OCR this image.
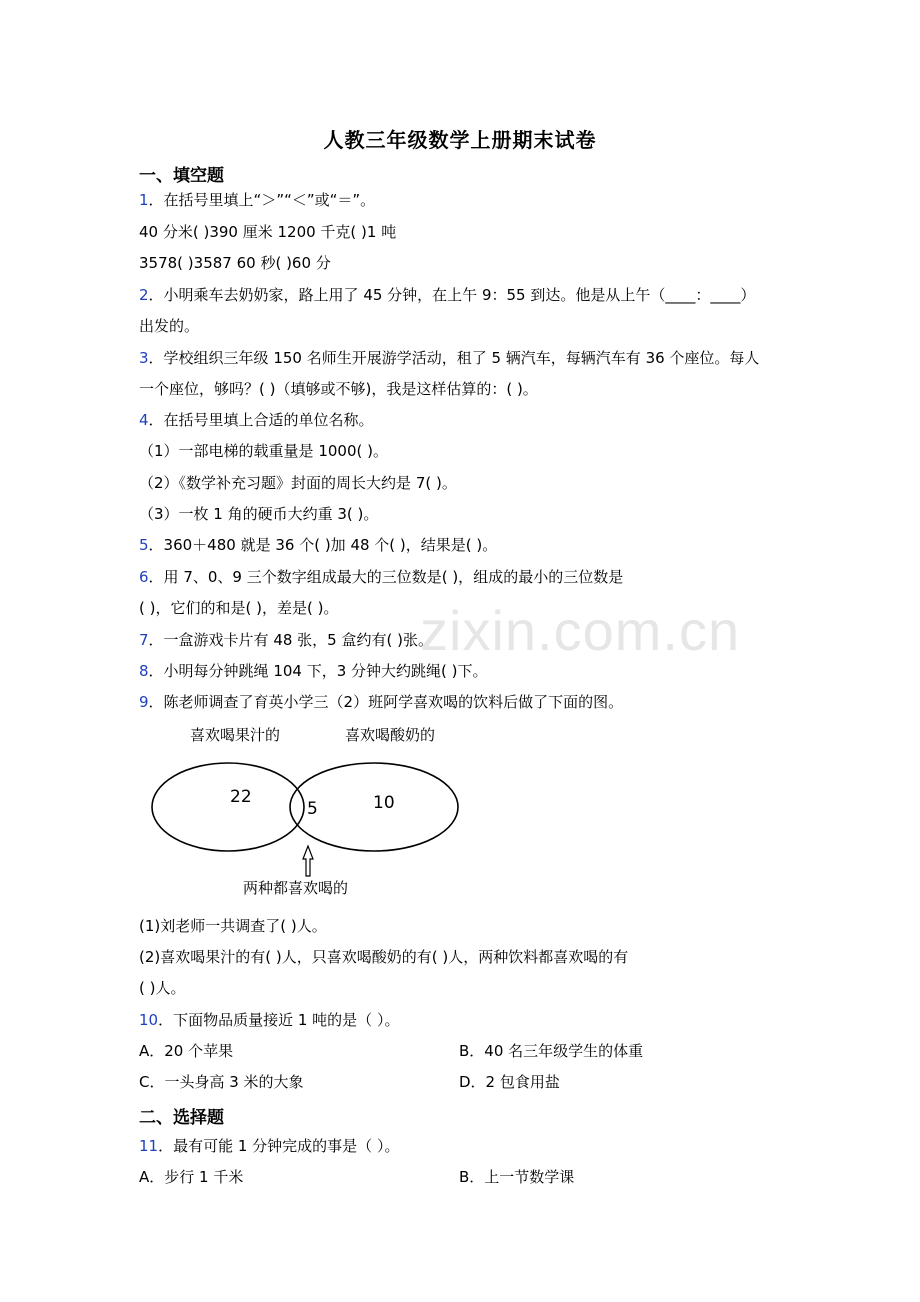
zixin.com.cn
人教三年级数学上册期末试卷
一、填空题
1．在括号里填上“＞”“＜”或“＝”。
40 分米( )390 厘米 1200 千克( )1 吨
3578( )3587 60 秒( )60 分
2．小明乘车去奶奶家，路上用了 45 分钟，在上午 9：55 到达。他是从上午（____：____）
出发的。
3．学校组织三年级 150 名师生开展游学活动，租了 5 辆汽车，每辆汽车有 36 个座位。每人
一个座位，够吗？( )（填够或不够)，我是这样估算的：( )。
4．在括号里填上合适的单位名称。
（1）一部电梯的载重量是 1000( )。
（2）《数学补充习题》封面的周长大约是 7( )。
（3）一枚 1 角的硬币大约重 3( )。
5．360＋480 就是 36 个( )加 48 个( )，结果是( )。
6．用 7、0、9 三个数字组成最大的三位数是( )，组成的最小的三位数是
( )，它们的和是( )，差是( )。
7．一盒游戏卡片有 48 张，5 盒约有( )张。
8．小明每分钟跳绳 104 下，3 分钟大约跳绳( )下。
9．陈老师调查了育英小学三（2）班阿学喜欢喝的饮料后做了下面的图。
喜欢喝果汁的	喜欢喝酸奶的
22
5	10
两种都喜欢喝的
(1)刘老师一共调查了( )人。
(2)喜欢喝果汁的有( )人，只喜欢喝酸奶的有( )人，两种饮料都喜欢喝的有
( )人。
10．下面物品质量接近 1 吨的是（ ）。
A．20 个苹果	B．40 名三年级学生的体重
C．一头身高 3 米的大象	D．2 包食用盐
二、选择题
11．最有可能 1 分钟完成的事是（ ）。
A．步行 1 千米	B．上一节数学课
